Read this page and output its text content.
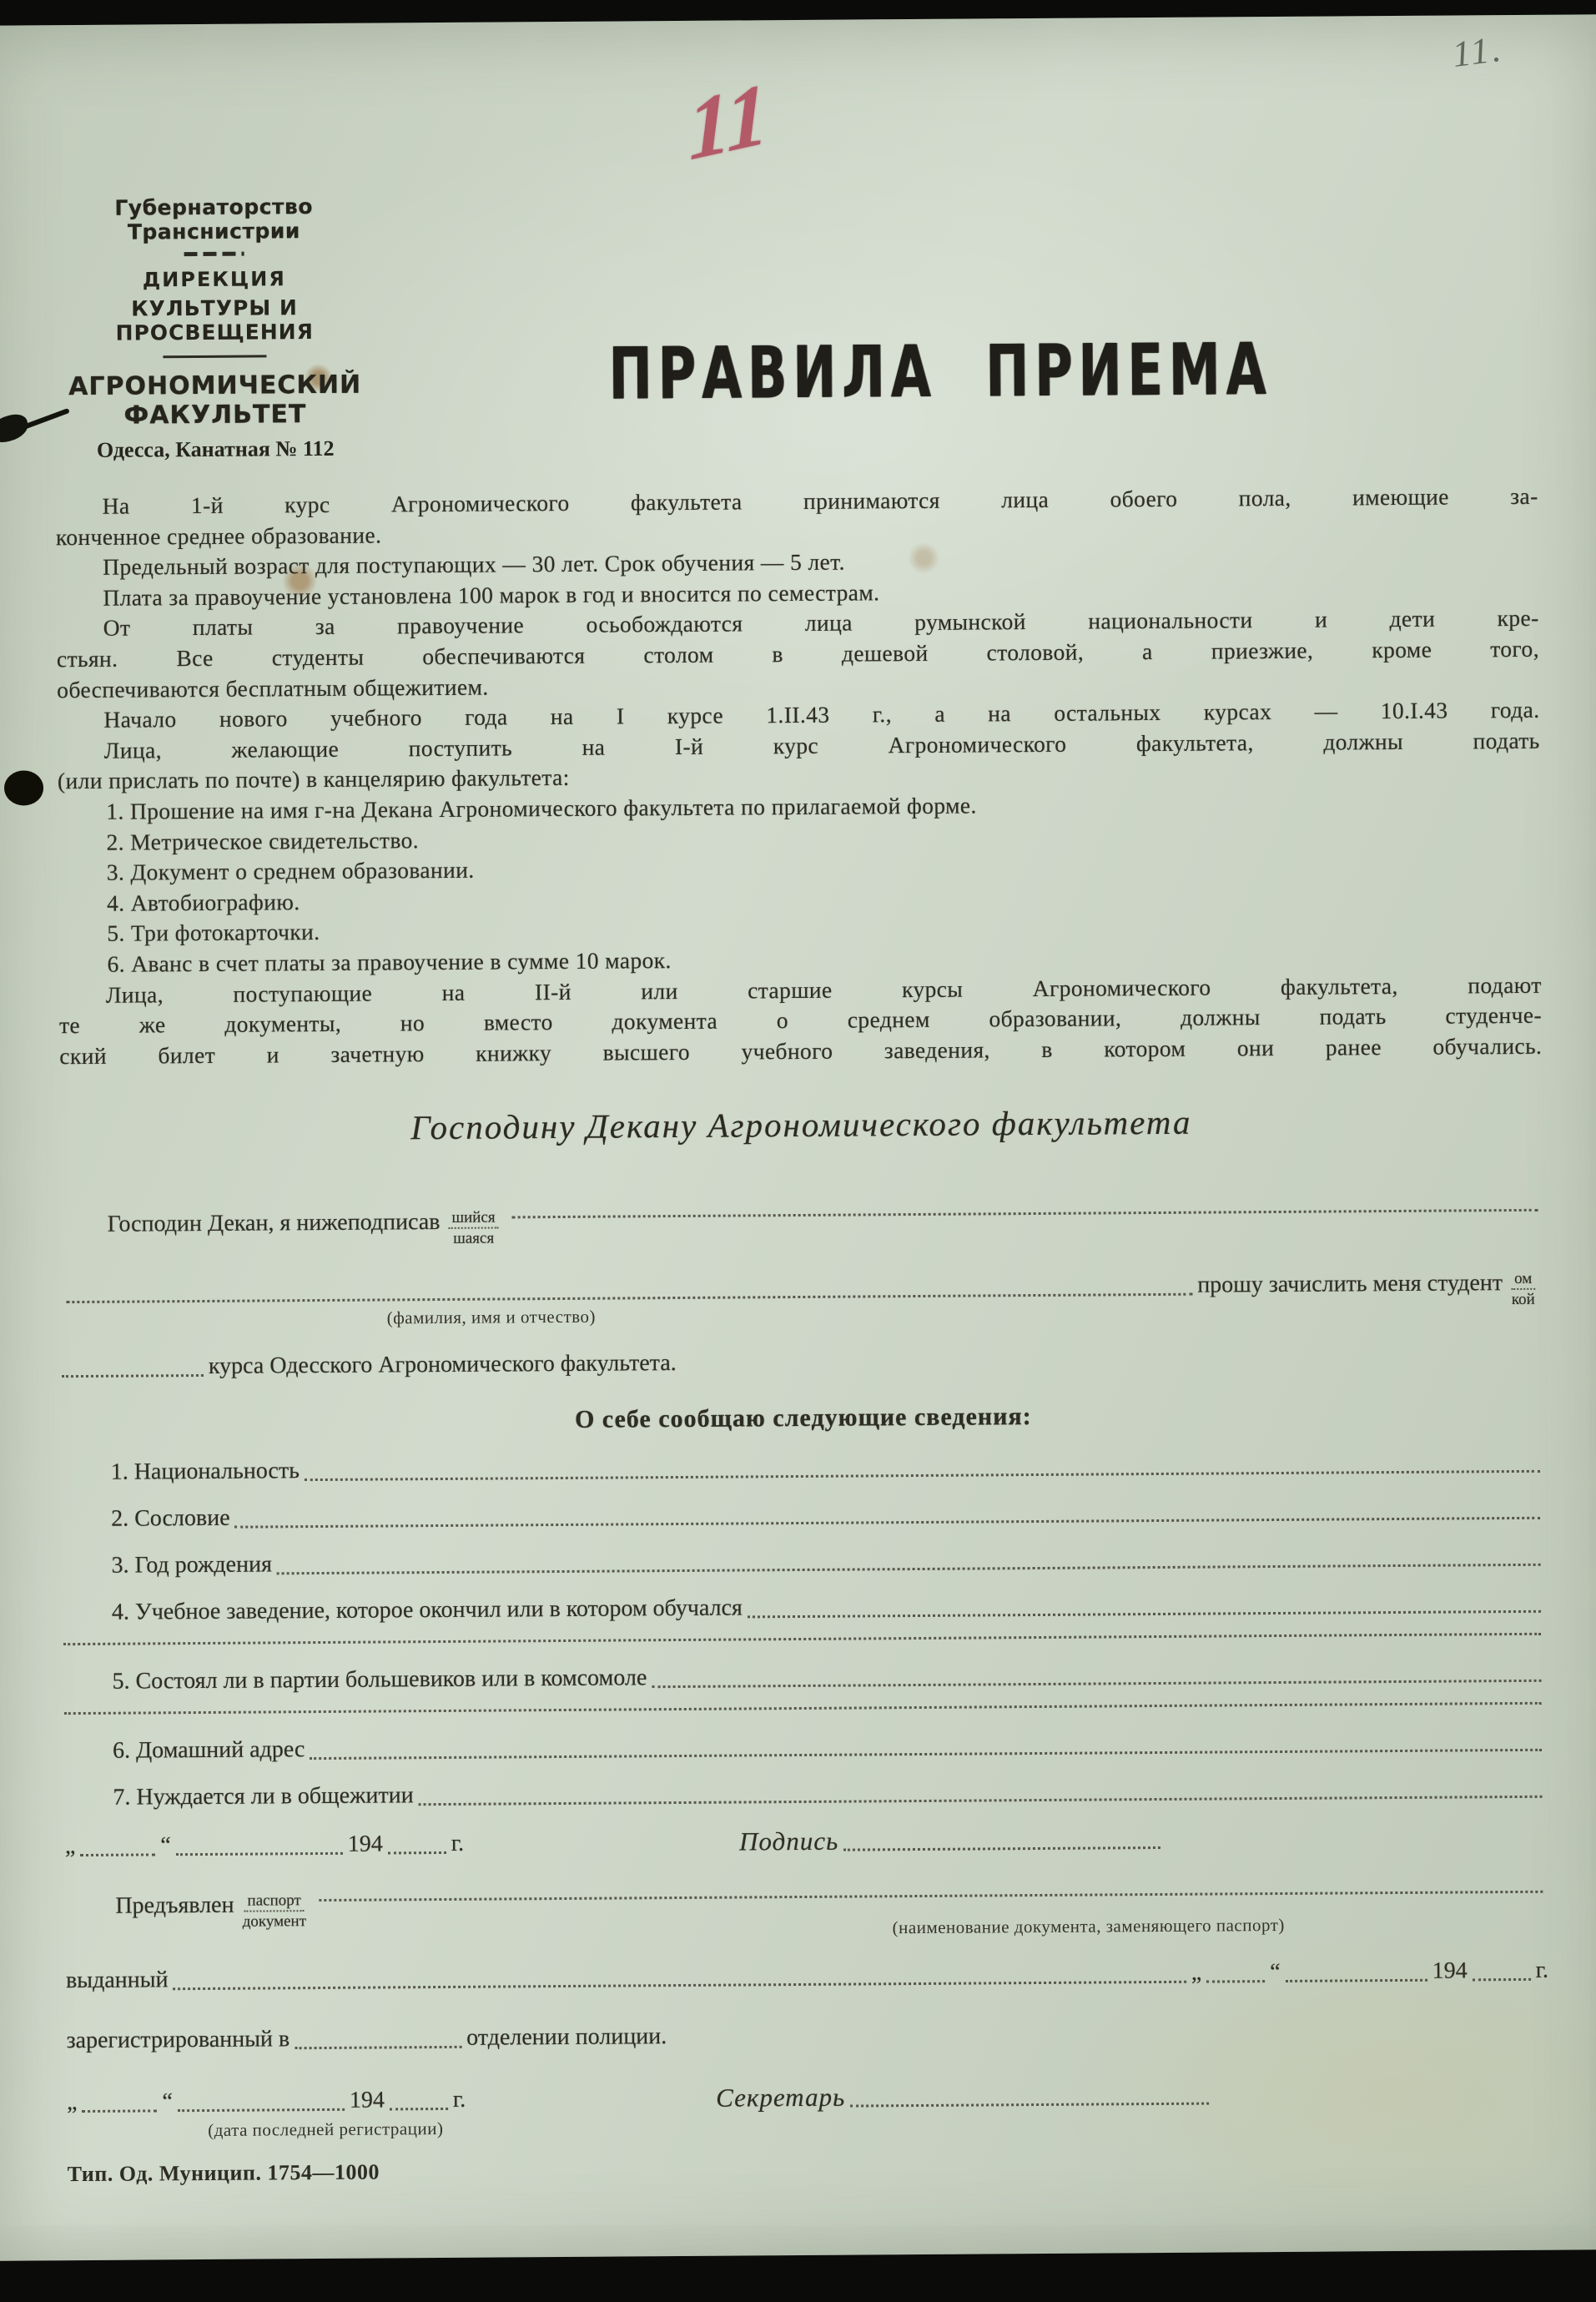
11.
11
Губернаторство Транснистрии
ДИРЕКЦИЯ
КУЛЬТУРЫ И ПРОСВЕЩЕНИЯ
АГРОНОМИЧЕСКИЙ ФАКУЛЬТЕТ
Одесса, Канатная № 112
ПРАВИЛА ПРИЕМА
На 1-й курс Агрономического факультета принимаются лица обоего пола, имеющие за-
конченное среднее образование.
Предельный возраст для поступающих — 30 лет. Срок обучения — 5 лет.
Плата за правоучение установлена 100 марок в год и вносится по семестрам.
От платы за правоучение осьобождаются лица румынской национальности и дети кре-
стьян. Все студенты обеспечиваются столом в дешевой столовой, а приезжие, кроме того,
обеспечиваются бесплатным общежитием.
Начало нового учебного года на I курсе 1.II.43 г., а на остальных курсах — 10.I.43 года.
Лица, желающие поступить на I-й курс Агрономического факультета, должны подать
(или прислать по почте) в канцелярию факультета:
1. Прошение на имя г-на Декана Агрономического факультета по прилагаемой форме.
2. Метрическое свидетельство.
3. Документ о среднем образовании.
4. Автобиографию.
5. Три фотокарточки.
6. Аванс в счет платы за правоучение в сумме 10 марок.
Лица, поступающие на II-й или старшие курсы Агрономического факультета, подают
те же документы, но вместо документа о среднем образовании, должны подать студенче-
ский билет и зачетную книжку высшего учебного заведения, в котором они ранее обучались.
Господину Декану Агрономического факультета
Господин Декан, я нижеподписав шийся
шаяся
прошу зачислить меня студент ом
кой
(фамилия, имя и отчество)
курса Одесского Агрономического факультета.
О себе сообщаю следующие сведения:
1. Национальность
2. Сословие
3. Год рождения
4. Учебное заведение, которое окончил или в котором обучался
5. Состоял ли в партии большевиков или в комсомоле
6. Домашний адрес
7. Нуждается ли в общежитии
„	“	194	г.	Подпись
Предъявлен паспорт
документ	(наименование документа, заменяющего паспорт)
выданный	„	“	194	г.
зарегистрированный в	отделении полиции.
„	“	194	г.	Секретарь
(дата последней регистрации)
Тип. Од. Муницип. 1754—1000
